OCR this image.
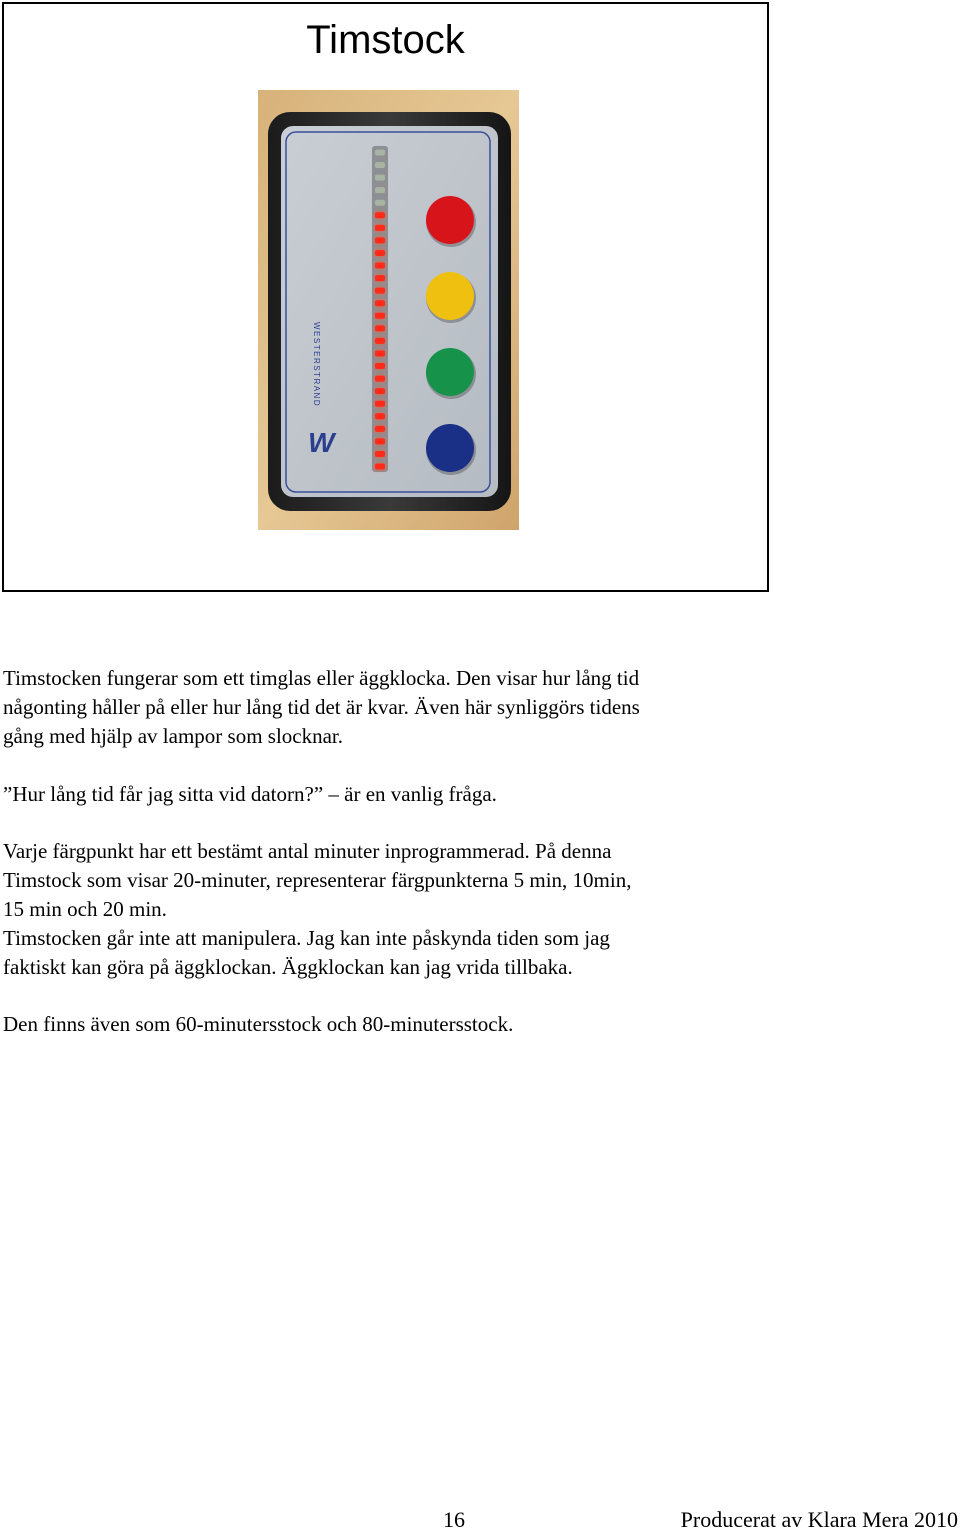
Timstock
WESTERSTRAND
W

Timstocken fungerar som ett timglas eller äggklocka. Den visar hur lång tid

någonting håller på eller hur lång tid det är kvar. Även här synliggörs tidens

gång med hjälp av lampor som slocknar.

”Hur lång tid får jag sitta vid datorn?” – är en vanlig fråga.

Varje färgpunkt har ett bestämt antal minuter inprogrammerad. På denna

Timstock som visar 20-minuter, representerar färgpunkterna 5 min, 10min,

15 min och 20 min.

Timstocken går inte att manipulera. Jag kan inte påskynda tiden som jag

faktiskt kan göra på äggklockan. Äggklockan kan jag vrida tillbaka.

Den finns även som 60-minutersstock och 80-minutersstock.

16	Producerat av Klara Mera 2010
